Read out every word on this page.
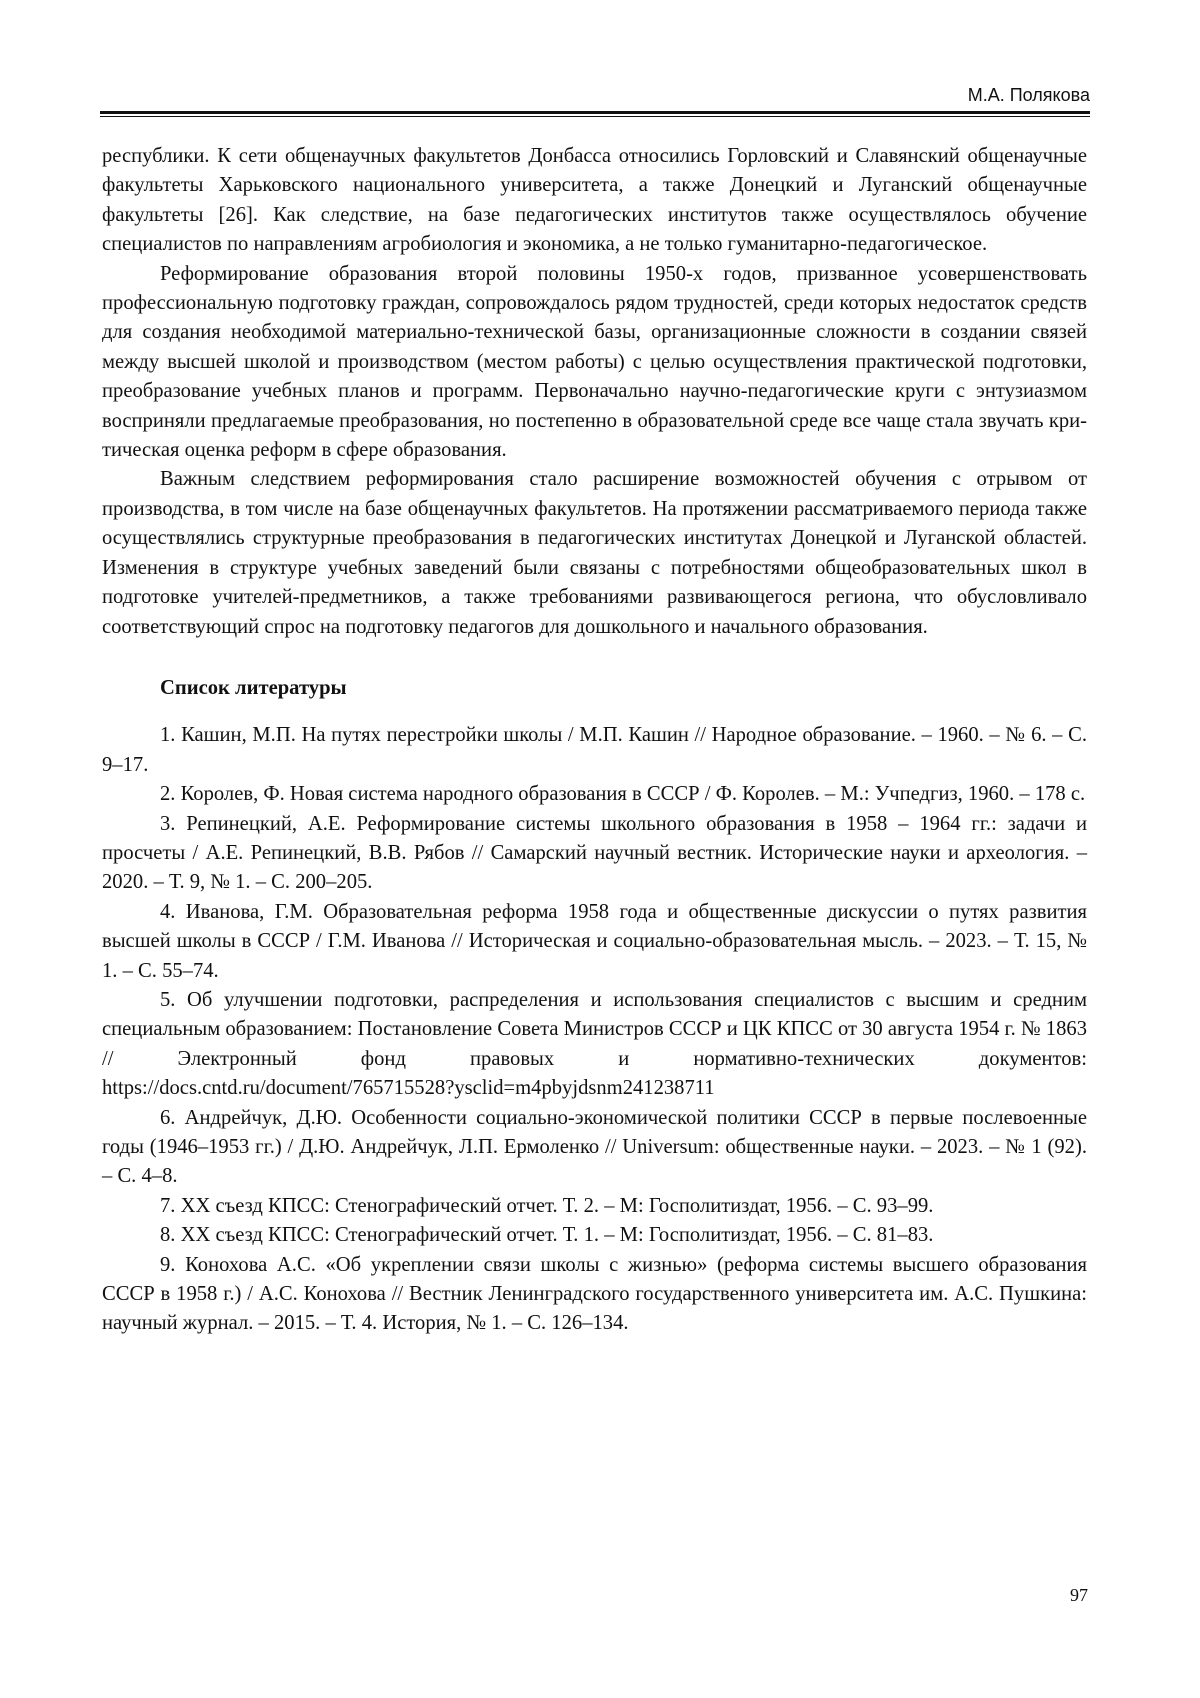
М.А. Полякова

республики. К сети общенаучных факультетов Донбасса относились Горловский и Славянский общенаучные факультеты Харьковского национального университета, а также Донецкий и Луганский общенаучные факультеты [26]. Как следствие, на базе педагогических институтов также осуществлялось обучение специалистов по направлениям агробиология и экономика, а не только гуманитарно-педагогическое.

Реформирование образования второй половины 1950-х годов, призванное усовершенствовать профессиональную подготовку граждан, сопровождалось рядом трудностей, среди которых недостаток средств для создания необходимой материально-технической базы, организационные сложности в создании связей между высшей школой и производством (местом работы) с целью осуществления практической подготовки, преобразование учебных планов и программ. Первоначально научно-педагогические круги с энтузиазмом восприняли предлагаемые преобразования, но постепенно в образовательной среде все чаще стала звучать критическая оценка реформ в сфере образования.

Важным следствием реформирования стало расширение возможностей обучения с отрывом от производства, в том числе на базе общенаучных факультетов. На протяжении рассматриваемого периода также осуществлялись структурные преобразования в педагогических институтах Донецкой и Луганской областей. Изменения в структуре учебных заведений были связаны с потребностями общеобразовательных школ в подготовке учителей-предметников, а также требованиями развивающегося региона, что обусловливало соответствующий спрос на подготовку педагогов для дошкольного и начального образования.

Список литературы

1. Кашин, М.П. На путях перестройки школы / М.П. Кашин // Народное образование. – 1960. – № 6. – С. 9–17.

2. Королев, Ф. Новая система народного образования в СССР / Ф. Королев. – М.: Учпедгиз, 1960. – 178 с.

3. Репинецкий, А.Е. Реформирование системы школьного образования в 1958 – 1964 гг.: задачи и просчеты / А.Е. Репинецкий, В.В. Рябов // Самарский научный вестник. Исторические науки и археология. – 2020. – Т. 9, № 1. – С. 200–205.

4. Иванова, Г.М. Образовательная реформа 1958 года и общественные дискуссии о путях развития высшей школы в СССР / Г.М. Иванова // Историческая и социально-образовательная мысль. – 2023. – Т. 15, № 1. – С. 55–74.

5. Об улучшении подготовки, распределения и использования специалистов с высшим и средним специальным образованием: Постановление Совета Министров СССР и ЦК КПСС от 30 августа 1954 г. № 1863 // Электронный фонд правовых и нормативно-технических документов: https://docs.cntd.ru/document/765715528?ysclid=m4pbyjdsnm241238711

6. Андрейчук, Д.Ю. Особенности социально-экономической политики СССР в первые послевоенные годы (1946–1953 гг.) / Д.Ю. Андрейчук, Л.П. Ермоленко // Universum: общественные науки. – 2023. – № 1 (92). – С. 4–8.

7. XX съезд КПСС: Стенографический отчет. Т. 2. – М: Госполитиздат, 1956. – С. 93–99.

8. XX съезд КПСС: Стенографический отчет. Т. 1. – М: Госполитиздат, 1956. – С. 81–83.

9. Конохова А.С. «Об укреплении связи школы с жизнью» (реформа системы высшего образования СССР в 1958 г.) / А.С. Конохова // Вестник Ленинградского государственного университета им. А.С. Пушкина: научный журнал. – 2015. – Т. 4. История, № 1. – С. 126–134.

97
